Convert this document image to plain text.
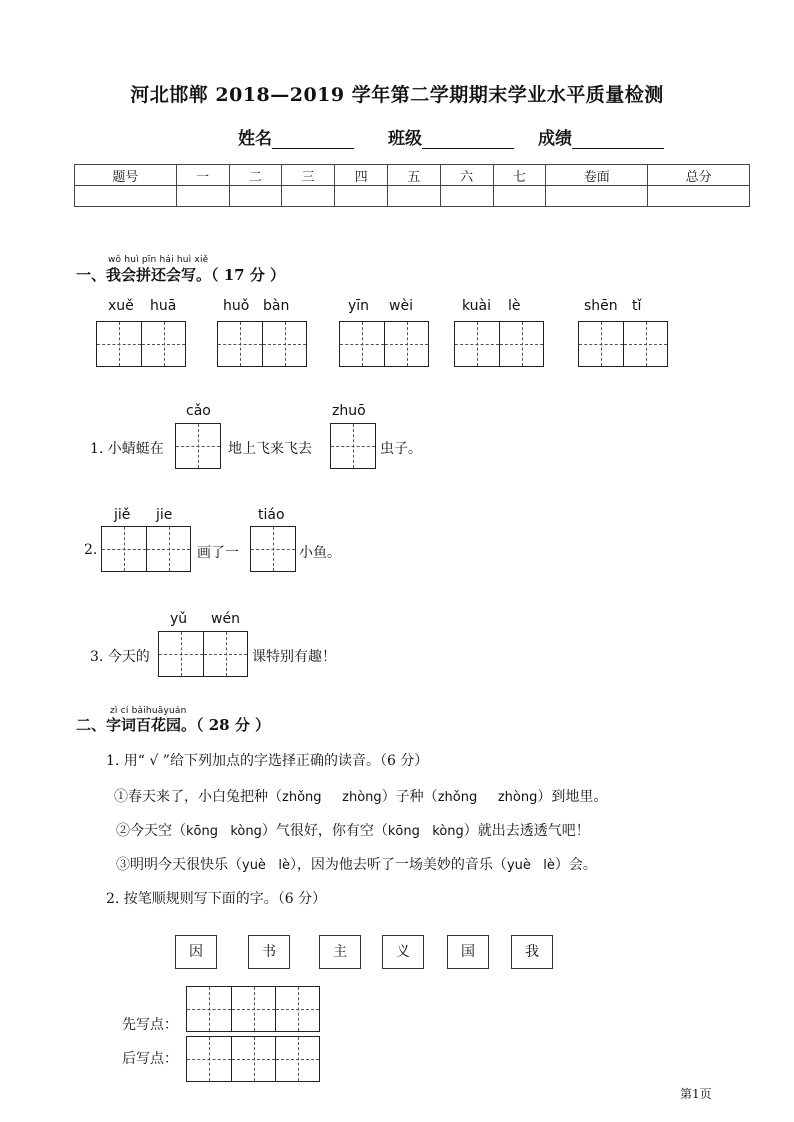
河北邯郸 2018—2019 学年第二学期期末学业水平质量检测
姓名	班级	成绩
题号	一	二	三	四	五	六	七	卷面	总分

wǒ huì pīn hái huì xiě
一、我会拼还会写。（ 17 分 ）
xuě huā	huǒ bàn	yīn wèi	kuài lè	shēn tǐ
cǎo	zhuō
1. 小蜻蜓在	地上飞来飞去	虫子。
jiě jie	tiáo
2.	画了一	小鱼。
yǔ wén
3. 今天的	课特别有趣！
zì cí bǎihuāyuán
二、字词百花园。（ 28 分 ）
1. 用“ √ ”给下列加点的字选择正确的读音。（6 分）
①春天来了，小白兔把种（zhǒng     zhòng）子种（zhǒng     zhòng）到地里。
②今天空（kōng   kòng）气很好，你有空（kōng   kòng）就出去透透气吧！
③明明今天很快乐（yuè   lè），因为他去听了一场美妙的音乐（yuè   lè）会。
2. 按笔顺规则写下面的字。（6 分）
因	书	主	义	国	我
先写点：
后写点：
第1页
